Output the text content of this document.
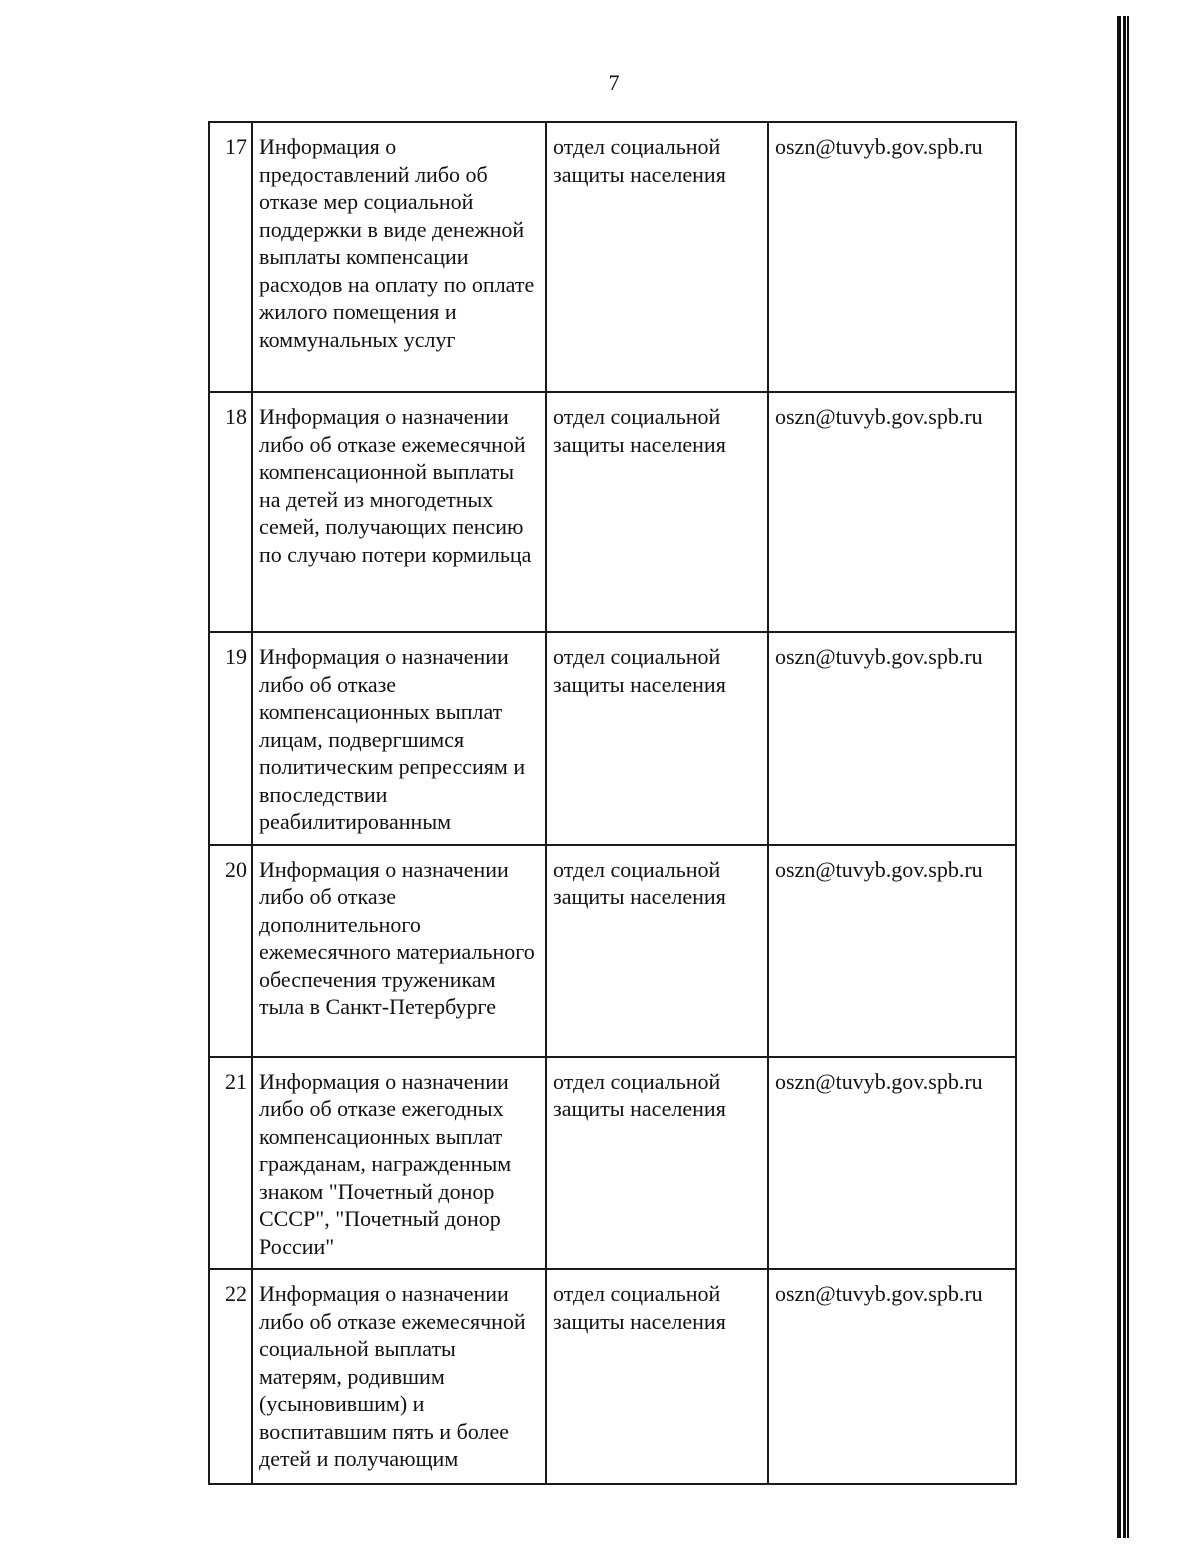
7
17	Информация о предоставлений либо об отказе мер социальной поддержки в виде денежной выплаты компенсации расходов на оплату по оплате жилого помещения и коммунальных услуг	отдел социальной защиты населения	oszn@tuvyb.gov.spb.ru
18	Информация о назначении либо об отказе ежемесячной компенсационной выплаты на детей из многодетных семей, получающих пенсию по случаю потери кормильца	отдел социальной защиты населения	oszn@tuvyb.gov.spb.ru
19	Информация о назначении либо об отказе компенсационных выплат лицам, подвергшимся политическим репрессиям и впоследствии реабилитированным	отдел социальной защиты населения	oszn@tuvyb.gov.spb.ru
20	Информация о назначении либо об отказе дополнительного ежемесячного материального обеспечения труженикам тыла в Санкт-Петербурге	отдел социальной защиты населения	oszn@tuvyb.gov.spb.ru
21	Информация о назначении либо об отказе ежегодных компенсационных выплат гражданам, награжденным знаком "Почетный донор СССР", "Почетный донор России"	отдел социальной защиты населения	oszn@tuvyb.gov.spb.ru
22	Информация о назначении либо об отказе ежемесячной социальной выплаты матерям, родившим (усыновившим) и воспитавшим пять и более детей и получающим	отдел социальной защиты населения	oszn@tuvyb.gov.spb.ru
